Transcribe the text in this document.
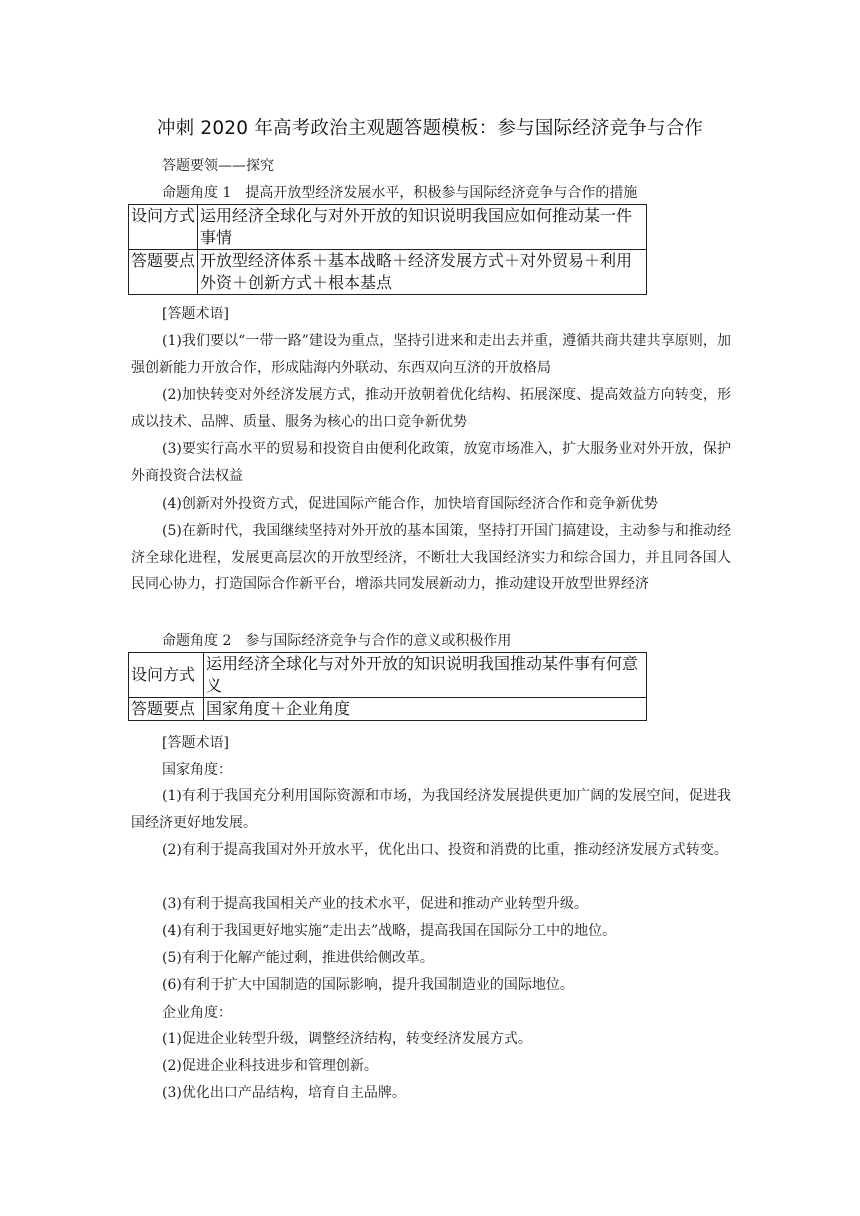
冲刺 2020 年高考政治主观题答题模板：参与国际经济竞争与合作
答题要领——探究
命题角度 1　提高开放型经济发展水平，积极参与国际经济竞争与合作的措施
设问方式	运用经济全球化与对外开放的知识说明我国应如何推动某一件事情
答题要点	开放型经济体系＋基本战略＋经济发展方式＋对外贸易＋利用外资＋创新方式＋根本基点
[答题术语]
(1)我们要以“一带一路”建设为重点，坚持引进来和走出去并重，遵循共商共建共享原则，加强创新能力开放合作，形成陆海内外联动、东西双向互济的开放格局
(2)加快转变对外经济发展方式，推动开放朝着优化结构、拓展深度、提高效益方向转变，形成以技术、品牌、质量、服务为核心的出口竞争新优势
(3)要实行高水平的贸易和投资自由便利化政策，放宽市场准入，扩大服务业对外开放，保护外商投资合法权益
(4)创新对外投资方式，促进国际产能合作，加快培育国际经济合作和竞争新优势
(5)在新时代，我国继续坚持对外开放的基本国策，坚持打开国门搞建设，主动参与和推动经济全球化进程，发展更高层次的开放型经济，不断壮大我国经济实力和综合国力，并且同各国人民同心协力，打造国际合作新平台，增添共同发展新动力，推动建设开放型世界经济
命题角度 2　参与国际经济竞争与合作的意义或积极作用
设问方式	运用经济全球化与对外开放的知识说明我国推动某件事有何意义
答题要点	国家角度＋企业角度
[答题术语]
国家角度：
(1)有利于我国充分利用国际资源和市场，为我国经济发展提供更加广阔的发展空间，促进我国经济更好地发展。
(2)有利于提高我国对外开放水平，优化出口、投资和消费的比重，推动经济发展方式转变。
(3)有利于提高我国相关产业的技术水平，促进和推动产业转型升级。
(4)有利于我国更好地实施“走出去”战略，提高我国在国际分工中的地位。
(5)有利于化解产能过剩，推进供给侧改革。
(6)有利于扩大中国制造的国际影响，提升我国制造业的国际地位。
企业角度：
(1)促进企业转型升级，调整经济结构，转变经济发展方式。
(2)促进企业科技进步和管理创新。
(3)优化出口产品结构，培育自主品牌。
